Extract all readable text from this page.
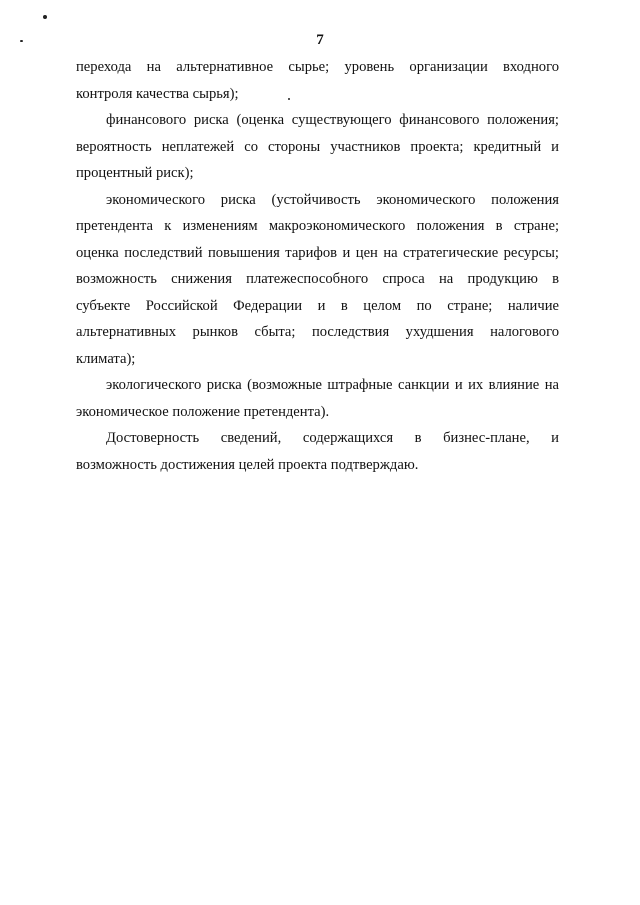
7

перехода на альтернативное сырье; уровень организации входного
контроля качества сырья);

финансового риска (оценка существующего финансового положения;
вероятность неплатежей со стороны участников проекта; кредитный и
процентный риск);

экономического риска (устойчивость экономического положения
претендента к изменениям макроэкономического положения в стране;
оценка последствий повышения тарифов и цен на стратегические ресурсы;
возможность снижения платежеспособного спроса на продукцию в
субъекте Российской Федерации и в целом по стране; наличие
альтернативных рынков сбыта; последствия ухудшения налогового
климата);

экологического риска (возможные штрафные санкции и их влияние на
экономическое положение претендента).

Достоверность сведений, содержащихся в бизнес-плане, и
возможность достижения целей проекта подтверждаю.
